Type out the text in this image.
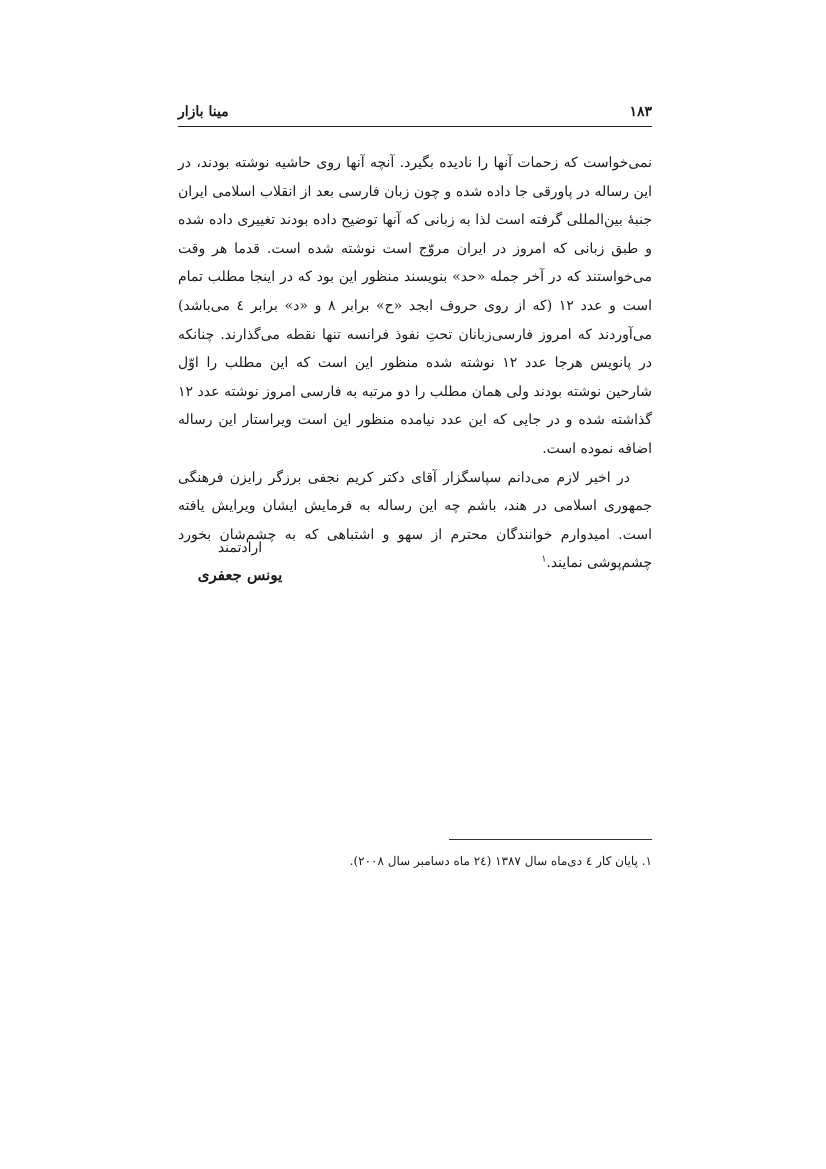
مینا بازار	۱۸۳

نمی‌خواست که زحمات آنها را نادیده بگیرد. آنچه آنها روی حاشیه نوشته بودند، در این رساله در پاورقی جا داده شده و چون زبان فارسی بعد از انقلاب اسلامی ایران جنبهٔ بین‌المللی گرفته است لذا به زبانی که آنها توضیح داده بودند تغییری داده شده و طبق زبانی که امروز در ایران مروّج است نوشته شده است. قدما هر وقت می‌خواستند که در آخر جمله «حد» بنویسند منظور این بود که در اینجا مطلب تمام است و عدد ۱۲ (که از روی حروف ابجد «ح» برابر ۸ و «د» برابر ٤ می‌باشد) می‌آوردند که امروز فارسی‌زبانان تحتِ نفوذ فرانسه تنها نقطه می‌گذارند. چنانکه در پانویس هرجا عدد ۱۲ نوشته شده منظور این است که این مطلب را اوّل شارحین نوشته بودند ولی همان مطلب را دو مرتبه به فارسی امروز نوشته عدد ۱۲ گذاشته شده و در جایی که این عدد نیامده منظور این است ویراستار این رساله اضافه نموده است.

در اخیر لازم می‌دانم سپاسگزار آقای دکتر کریم نجفی برزگر رایزن فرهنگی جمهوری اسلامی در هند، باشم چه این رساله به فرمایش ایشان ویرایش یافته است. امیدوارم خوانندگان محترم از سهو و اشتباهی که به چشم‌شان بخورد چشم‌پوشی نمایند.$^۱$

ارادتمند
یونس جعفری
۱. پایان کار ٤ دی‌ماه سال ۱۳۸۷ (۲٤ ماه دسامبر سال ۲۰۰۸).
